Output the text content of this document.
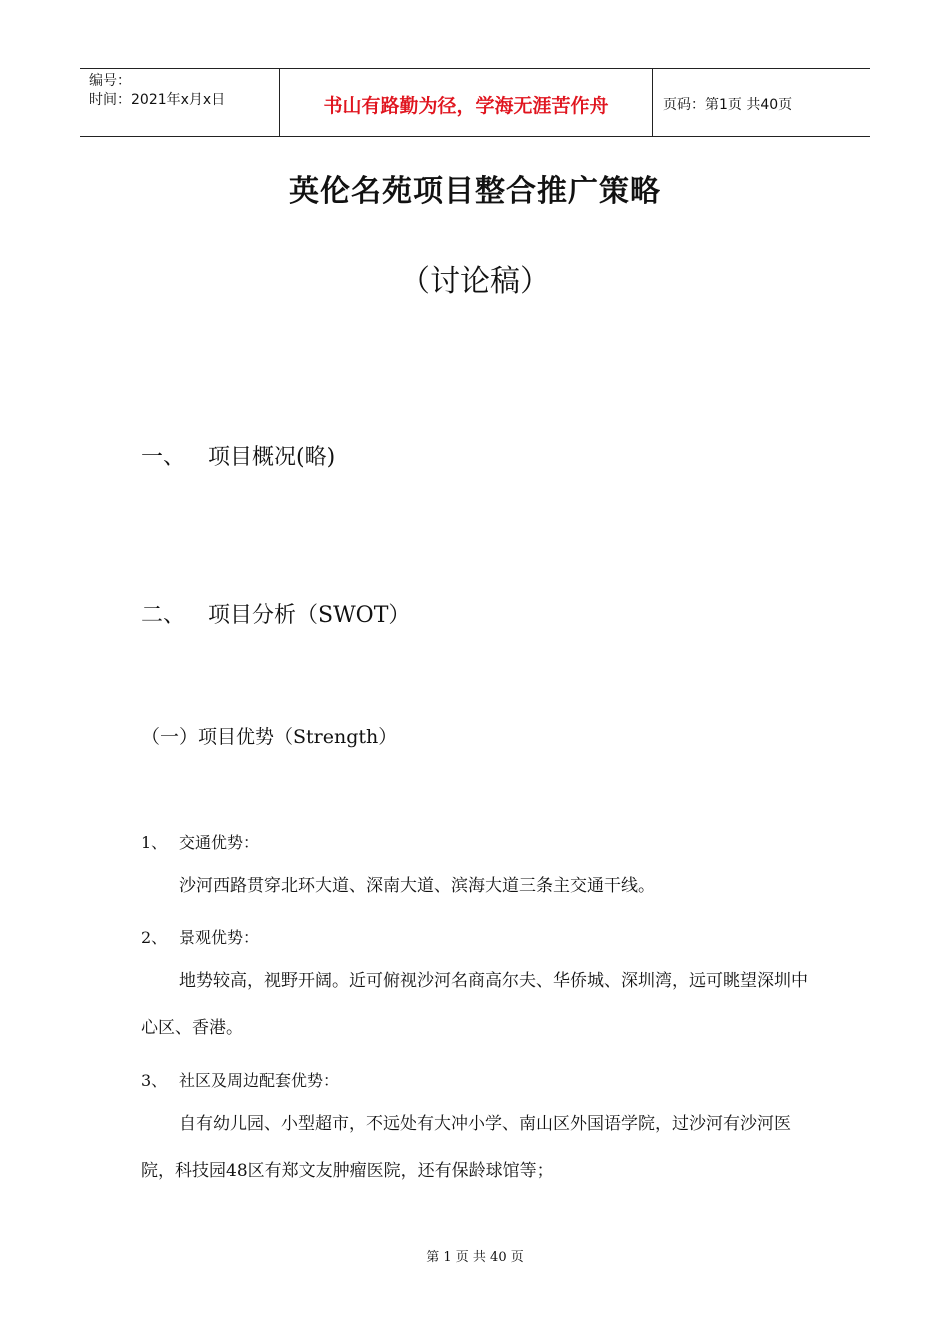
编号：
时间：2021年x月x日	书山有路勤为径，学海无涯苦作舟	页码：第1页 共40页
英伦名苑项目整合推广策略
（讨论稿）
一、 项目概况(略)
二、 项目分析（SWOT）
（一）项目优势（Strength）
1、 交通优势：
沙河西路贯穿北环大道、深南大道、滨海大道三条主交通干线。
2、 景观优势：
地势较高，视野开阔。近可俯视沙河名商高尔夫、华侨城、深圳湾，远可眺望深圳中心区、香港。
3、 社区及周边配套优势：
自有幼儿园、小型超市，不远处有大冲小学、南山区外国语学院，过沙河有沙河医院，科技园48区有郑文友肿瘤医院，还有保龄球馆等；
第 1 页 共 40 页
